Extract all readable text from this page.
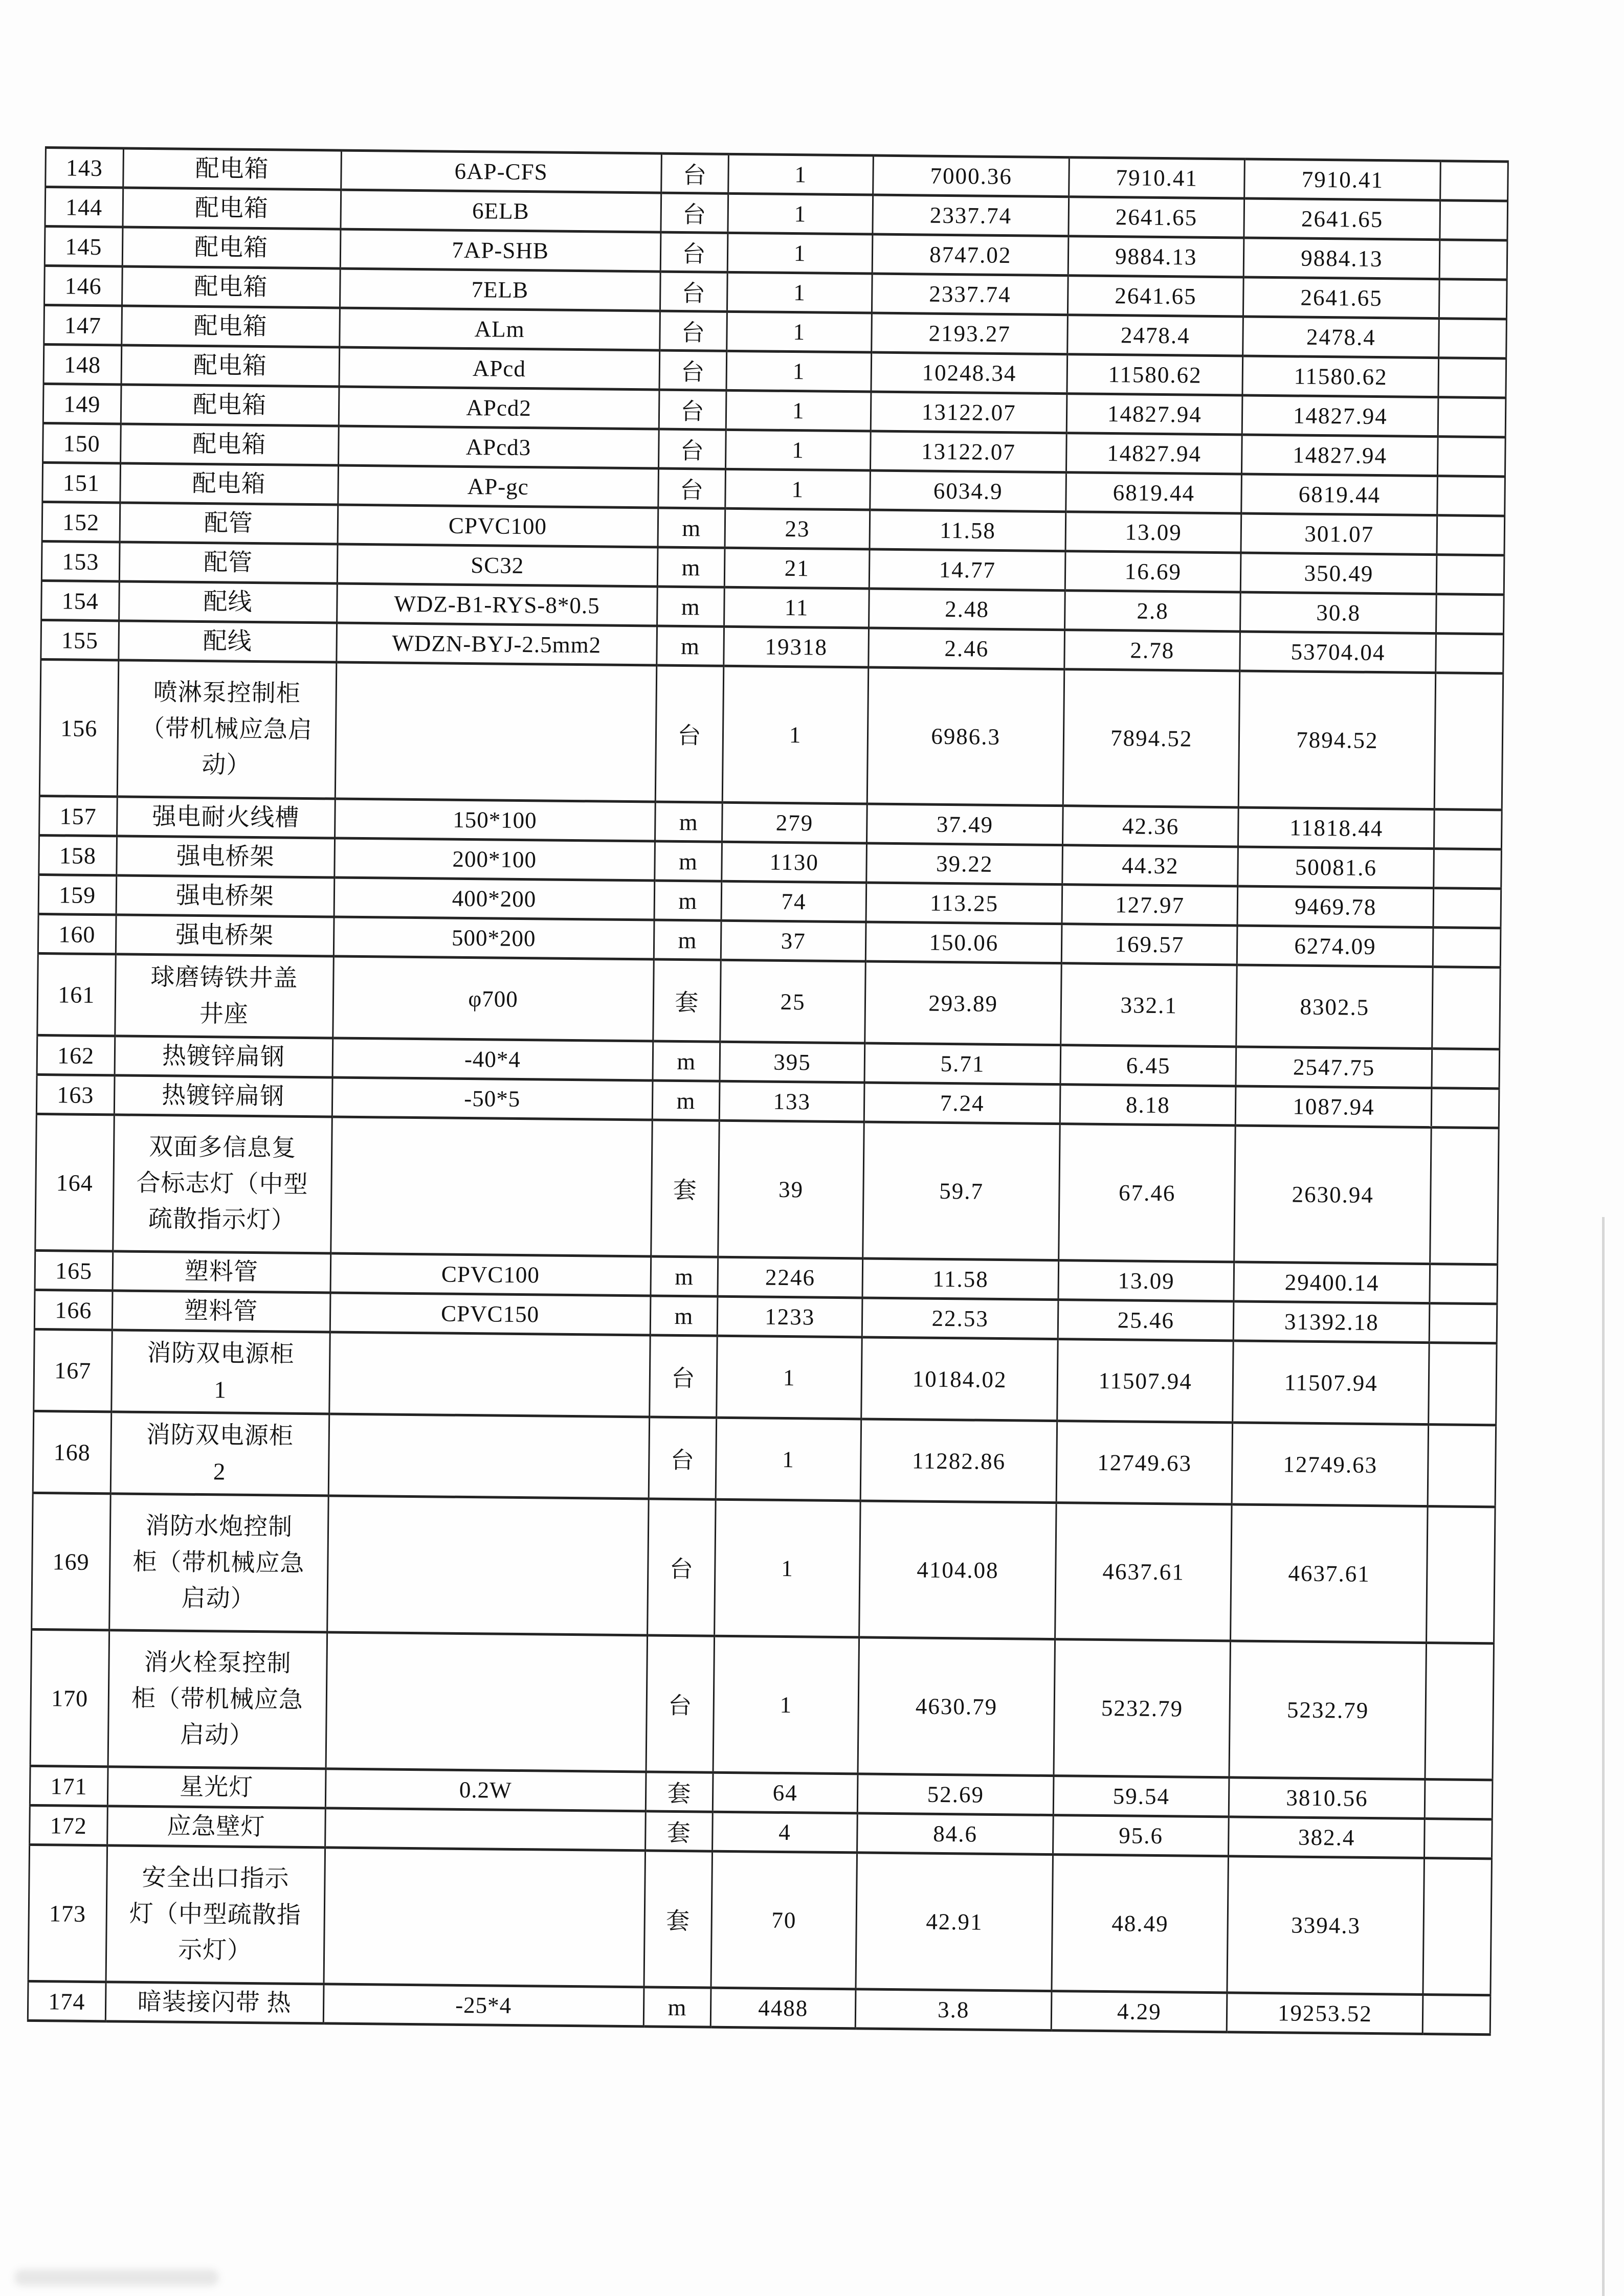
143	配电箱	6AP-CFS	台	1	7000.36	7910.41	7910.41	
144	配电箱	6ELB	台	1	2337.74	2641.65	2641.65	
145	配电箱	7AP-SHB	台	1	8747.02	9884.13	9884.13	
146	配电箱	7ELB	台	1	2337.74	2641.65	2641.65	
147	配电箱	ALm	台	1	2193.27	2478.4	2478.4	
148	配电箱	APcd	台	1	10248.34	11580.62	11580.62	
149	配电箱	APcd2	台	1	13122.07	14827.94	14827.94	
150	配电箱	APcd3	台	1	13122.07	14827.94	14827.94	
151	配电箱	AP-gc	台	1	6034.9	6819.44	6819.44	
152	配管	CPVC100	m	23	11.58	13.09	301.07	
153	配管	SC32	m	21	14.77	16.69	350.49	
154	配线	WDZ-B1-RYS-8*0.5	m	11	2.48	2.8	30.8	
155	配线	WDZN-BYJ-2.5mm2	m	19318	2.46	2.78	53704.04	
156	喷淋泵控制柜
（带机械应急启
动）		台	1	6986.3	7894.52	7894.52	
157	强电耐火线槽	150*100	m	279	37.49	42.36	11818.44	
158	强电桥架	200*100	m	1130	39.22	44.32	50081.6	
159	强电桥架	400*200	m	74	113.25	127.97	9469.78	
160	强电桥架	500*200	m	37	150.06	169.57	6274.09	
161	球磨铸铁井盖
井座	φ700	套	25	293.89	332.1	8302.5	
162	热镀锌扁钢	-40*4	m	395	5.71	6.45	2547.75	
163	热镀锌扁钢	-50*5	m	133	7.24	8.18	1087.94	
164	双面多信息复
合标志灯（中型
疏散指示灯）		套	39	59.7	67.46	2630.94	
165	塑料管	CPVC100	m	2246	11.58	13.09	29400.14	
166	塑料管	CPVC150	m	1233	22.53	25.46	31392.18	
167	消防双电源柜
1		台	1	10184.02	11507.94	11507.94	
168	消防双电源柜
2		台	1	11282.86	12749.63	12749.63	
169	消防水炮控制
柜（带机械应急
启动）		台	1	4104.08	4637.61	4637.61	
170	消火栓泵控制
柜（带机械应急
启动）		台	1	4630.79	5232.79	5232.79	
171	星光灯	0.2W	套	64	52.69	59.54	3810.56	
172	应急壁灯		套	4	84.6	95.6	382.4	
173	安全出口指示
灯（中型疏散指
示灯）		套	70	42.91	48.49	3394.3	
174	暗装接闪带 热	-25*4	m	4488	3.8	4.29	19253.52	
